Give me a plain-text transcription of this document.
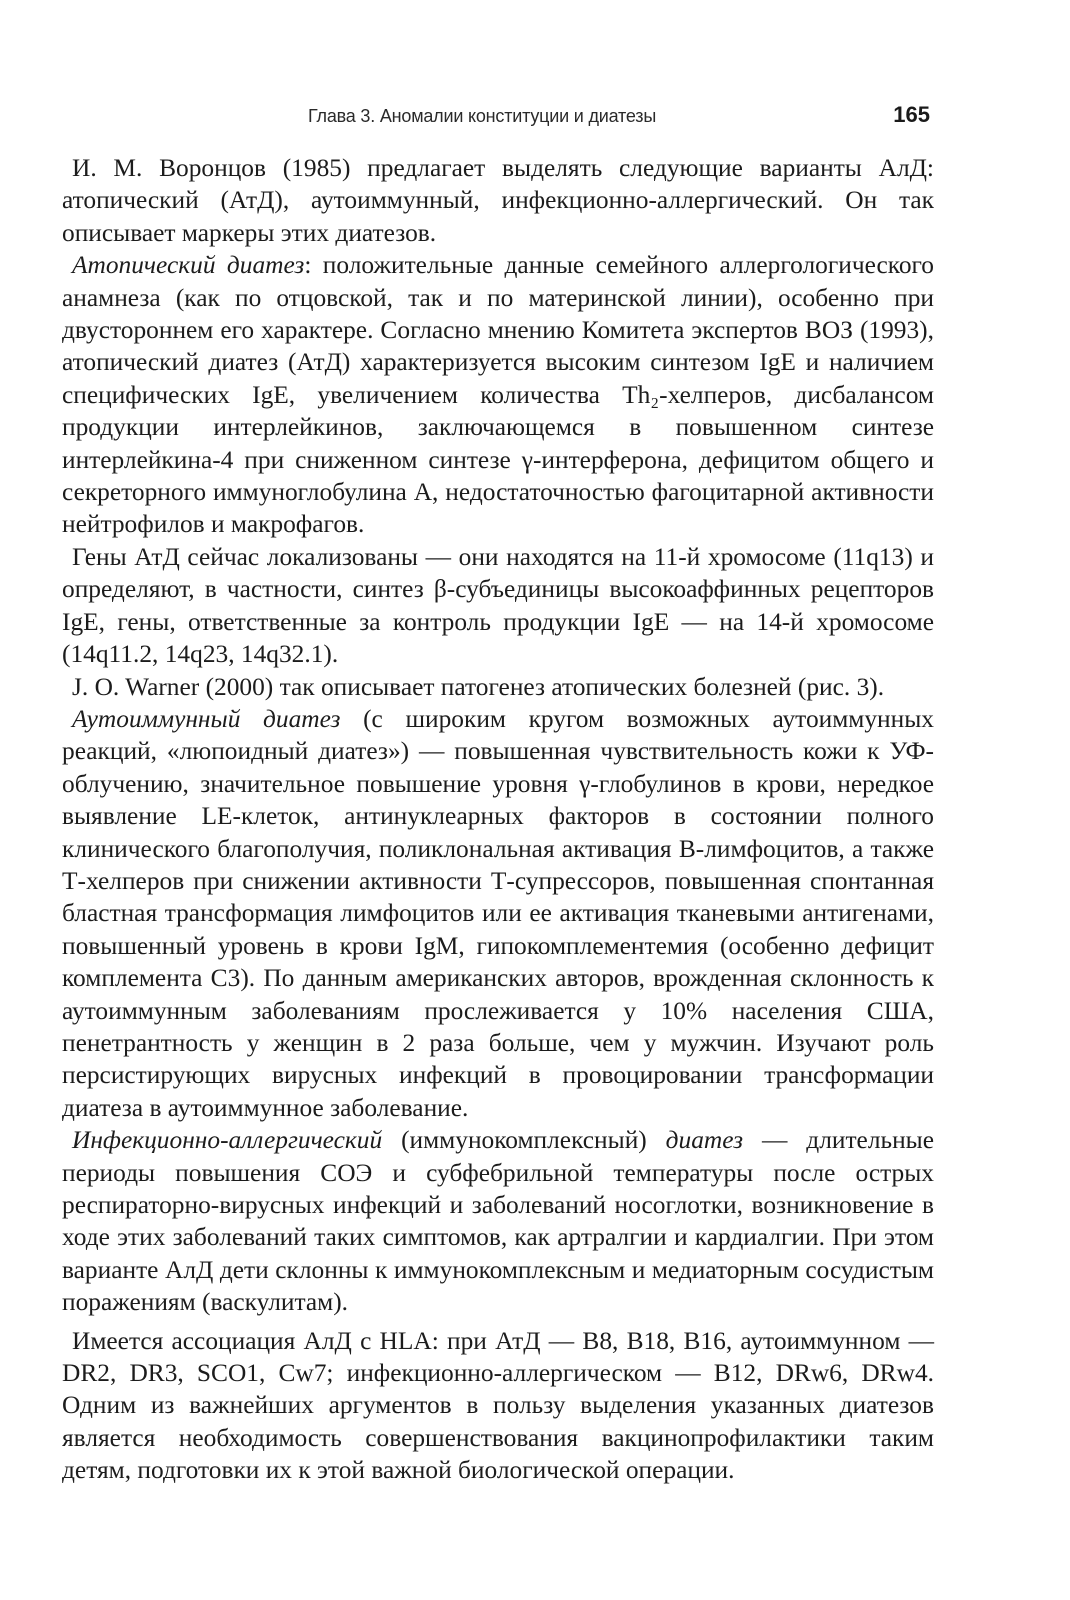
Глава 3. Аномалии конституции и диатезы	165

И. М. Воронцов (1985) предлагает выделять следующие варианты АлД: атопический (АтД), аутоиммунный, инфекционно-аллергический. Он так описывает маркеры этих диатезов.

Атопический диатез: положительные данные семейного аллергологического анамнеза (как по отцовской, так и по материнской линии), особенно при двустороннем его характере. Согласно мнению Комитета экспертов ВОЗ (1993), атопический диатез (АтД) характеризуется высоким синтезом IgE и наличием специфических IgE, увеличением количества Th₂-хелперов, дисбалансом продукции интерлейкинов, заключающемся в повышенном синтезе интерлейкина-4 при сниженном синтезе γ-интерферона, дефицитом общего и секреторного иммуноглобулина А, недостаточностью фагоцитарной активности нейтрофилов и макрофагов.

Гены АтД сейчас локализованы — они находятся на 11-й хромосоме (11q13) и определяют, в частности, синтез β-субъединицы высокоаффинных рецепторов IgE, гены, ответственные за контроль продукции IgE — на 14-й хромосоме (14q11.2, 14q23, 14q32.1).

J. O. Warner (2000) так описывает патогенез атопических болезней (рис. 3).

Аутоиммунный диатез (с широким кругом возможных аутоиммунных реакций, «люпоидный диатез») — повышенная чувствительность кожи к УФ-облучению, значительное повышение уровня γ-глобулинов в крови, нередкое выявление LE-клеток, антинуклеарных факторов в состоянии полного клинического благополучия, поликлональная активация В-лимфоцитов, а также Т-хелперов при снижении активности Т-супрессоров, повышенная спонтанная бластная трансформация лимфоцитов или ее активация тканевыми антигенами, повышенный уровень в крови IgM, гипокомплементемия (особенно дефицит комплемента С3). По данным американских авторов, врожденная склонность к аутоиммунным заболеваниям прослеживается у 10% населения США, пенетрантность у женщин в 2 раза больше, чем у мужчин. Изучают роль персистирующих вирусных инфекций в провоцировании трансформации диатеза в аутоиммунное заболевание.

Инфекционно-аллергический (иммунокомплексный) диатез — длительные периоды повышения СОЭ и субфебрильной температуры после острых респираторно-вирусных инфекций и заболеваний носоглотки, возникновение в ходе этих заболеваний таких симптомов, как артралгии и кардиалгии. При этом варианте АлД дети склонны к иммунокомплексным и медиаторным сосудистым поражениям (васкулитам).

Имеется ассоциация АлД с HLA: при АтД — B8, B18, B16, аутоиммунном — DR2, DR3, SCO1, Cw7; инфекционно-аллергическом — B12, DRw6, DRw4. Одним из важнейших аргументов в пользу выделения указанных диатезов является необходимость совершенствования вакцинопрофилактики таким детям, подготовки их к этой важной биологической операции.
